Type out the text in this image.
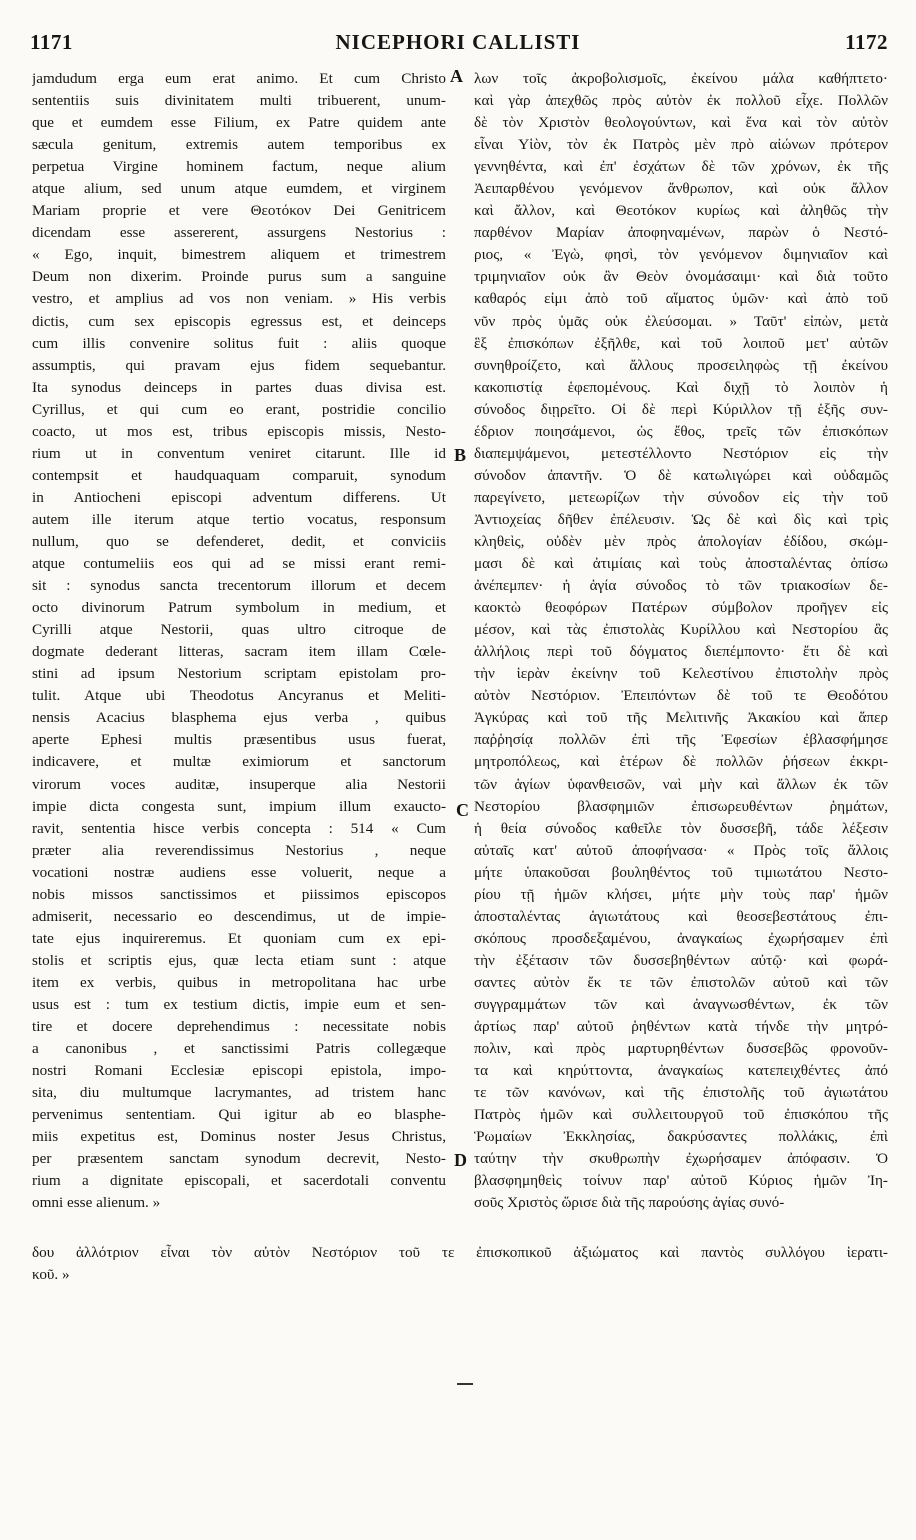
1171	NICEPHORI CALLISTI	1172
jamdudum erga eum erat animo. Et cum Christo
sententiis suis divinitatem multi tribuerent, unum-
que et eumdem esse Filium, ex Patre quidem ante
sæcula genitum, extremis autem temporibus ex
perpetua Virgine hominem factum, neque alium
atque alium, sed unum atque eumdem, et virginem
Mariam proprie et vere Θεοτόκον Dei Genitricem
dicendam esse assererent, assurgens Nestorius :
« Ego, inquit, bimestrem aliquem et trimestrem
Deum non dixerim. Proinde purus sum a sanguine
vestro, et amplius ad vos non veniam. » His verbis
dictis, cum sex episcopis egressus est, et deinceps
cum illis convenire solitus fuit : aliis quoque
assumptis, qui pravam ejus fidem sequebantur.
Ita synodus deinceps in partes duas divisa est.
Cyrillus, et qui cum eo erant, postridie concilio
coacto, ut mos est, tribus episcopis missis, Nesto-
rium ut in conventum veniret citarunt. Ille id
contempsit et haudquaquam comparuit, synodum
in Antiocheni episcopi adventum differens. Ut
autem ille iterum atque tertio vocatus, responsum
nullum, quo se defenderet, dedit, et conviciis
atque contumeliis eos qui ad se missi erant remi-
sit : synodus sancta trecentorum illorum et decem
octo divinorum Patrum symbolum in medium, et
Cyrilli atque Nestorii, quas ultro citroque de
dogmate dederant litteras, sacram item illam Cœle-
stini ad ipsum Nestorium scriptam epistolam pro-
tulit. Atque ubi Theodotus Ancyranus et Meliti-
nensis Acacius blasphema ejus verba , quibus
aperte Ephesi multis præsentibus usus fuerat,
indicavere, et multæ eximiorum et sanctorum
virorum voces auditæ, insuperque alia Nestorii
impie dicta congesta sunt, impium illum exaucto-
ravit, sententia hisce verbis concepta : 514 « Cum
præter alia reverendissimus Nestorius , neque
vocationi nostræ audiens esse voluerit, neque a
nobis missos sanctissimos et piissimos episcopos
admiserit, necessario eo descendimus, ut de impie-
tate ejus inquireremus. Et quoniam cum ex epi-
stolis et scriptis ejus, quæ lecta etiam sunt : atque
item ex verbis, quibus in metropolitana hac urbe
usus est : tum ex testium dictis, impie eum et sen-
tire et docere deprehendimus : necessitate nobis
a canonibus , et sanctissimi Patris collegæque
nostri Romani Ecclesiæ episcopi epistola, impo-
sita, diu multumque lacrymantes, ad tristem hanc
pervenimus sententiam. Qui igitur ab eo blasphe-
miis expetitus est, Dominus noster Jesus Christus,
per præsentem sanctam synodum decrevit, Nesto-
rium a dignitate episcopali, et sacerdotali conventu
omni esse alienum. »
λων τοῖς ἀκροβολισμοῖς, ἐκείνου μάλα καθήπτετο·
καὶ γὰρ ἀπεχθῶς πρὸς αὐτὸν ἐκ πολλοῦ εἶχε. Πολλῶν
δὲ τὸν Χριστὸν θεολογούντων, καὶ ἕνα καὶ τὸν αὐτὸν
εἶναι Υἱὸν, τὸν ἐκ Πατρὸς μὲν πρὸ αἰώνων πρότερον
γεννηθέντα, καὶ ἐπ' ἐσχάτων δὲ τῶν χρόνων, ἐκ τῆς
Ἀειπαρθένου γενόμενον ἄνθρωπον, καὶ οὐκ ἄλλον
καὶ ἄλλον, καὶ Θεοτόκον κυρίως καὶ ἀληθῶς τὴν
παρθένον Μαρίαν ἀποφηναμένων, παρὼν ὁ Νεστό-
ριος, « Ἐγὼ, φησὶ, τὸν γενόμενον διμηνιαῖον καὶ
τριμηνιαῖον οὐκ ἂν Θεὸν ὀνομάσαιμι· καὶ διὰ τοῦτο
καθαρός εἰμι ἀπὸ τοῦ αἵματος ὑμῶν· καὶ ἀπὸ τοῦ
νῦν πρὸς ὑμᾶς οὐκ ἐλεύσομαι. » Ταῦτ' εἰπὼν, μετὰ
ἓξ ἐπισκόπων ἐξῆλθε, καὶ τοῦ λοιποῦ μετ' αὐτῶν
συνηθροίζετο, καὶ ἄλλους προσειληφὼς τῇ ἐκείνου
κακοπιστίᾳ ἑφεπομένους. Καὶ διχῇ τὸ λοιπὸν ἡ
σύνοδος διῃρεῖτο. Οἱ δὲ περὶ Κύριλλον τῇ ἑξῆς συν-
έδριον ποιησάμενοι, ὡς ἔθος, τρεῖς τῶν ἐπισκόπων
διαπεμψάμενοι, μετεστέλλοντο Νεστόριον εἰς τὴν
σύνοδον ἀπαντῆν. Ὁ δὲ κατωλιγώρει καὶ οὐδαμῶς
παρεγίνετο, μετεωρίζων τὴν σύνοδον εἰς τὴν τοῦ
Ἀντιοχείας δῆθεν ἐπέλευσιν. Ὡς δὲ καὶ δὶς καὶ τρὶς
κληθεὶς, οὐδὲν μὲν πρὸς ἀπολογίαν ἐδίδου, σκώμ-
μασι δὲ καὶ ἀτιμίαις καὶ τοὺς ἀποσταλέντας ὀπίσω
ἀνέπεμπεν· ἡ ἁγία σύνοδος τὸ τῶν τριακοσίων δε-
καοκτὼ θεοφόρων Πατέρων σύμβολον προῆγεν εἰς
μέσον, καὶ τὰς ἐπιστολὰς Κυρίλλου καὶ Νεστορίου ἃς
ἀλλήλοις περὶ τοῦ δόγματος διεπέμποντο· ἔτι δὲ καὶ
τὴν ἱερὰν ἐκείνην τοῦ Κελεστίνου ἐπιστολὴν πρὸς
αὐτὸν Νεστόριον. Ἐπειπόντων δὲ τοῦ τε Θεοδότου
Ἀγκύρας καὶ τοῦ τῆς Μελιτινῆς Ἀκακίου καὶ ἅπερ
παῤῥησίᾳ πολλῶν ἐπὶ τῆς Ἐφεσίων ἐβλασφήμησε
μητροπόλεως, καὶ ἑτέρων δὲ πολλῶν ῥήσεων ἐκκρι-
τῶν ἁγίων ὑφανθεισῶν, ναὶ μὴν καὶ ἄλλων ἐκ τῶν
Νεστορίου βλασφημιῶν ἐπισωρευθέντων ῥημάτων,
ἡ θεία σύνοδος καθεῖλε τὸν δυσσεβῆ, τάδε λέξεσιν
αὐταῖς κατ' αὐτοῦ ἀποφήνασα· « Πρὸς τοῖς ἄλλοις
μήτε ὑπακοῦσαι βουληθέντος τοῦ τιμιωτάτου Νεστο-
ρίου τῇ ἡμῶν κλήσει, μήτε μὴν τοὺς παρ' ἡμῶν
ἀποσταλέντας ἁγιωτάτους καὶ θεοσεβεστάτους ἐπι-
σκόπους προσδεξαμένου, ἀναγκαίως ἐχωρήσαμεν ἐπὶ
τὴν ἐξέτασιν τῶν δυσσεβηθέντων αὐτῷ· καὶ φωρά-
σαντες αὐτὸν ἔκ τε τῶν ἐπιστολῶν αὐτοῦ καὶ τῶν
συγγραμμάτων τῶν καὶ ἀναγνωσθέντων, ἐκ τῶν
ἀρτίως παρ' αὐτοῦ ῥηθέντων κατὰ τήνδε τὴν μητρό-
πολιν, καὶ πρὸς μαρτυρηθέντων δυσσεβῶς φρονοῦν-
τα καὶ κηρύττοντα, ἀναγκαίως κατεπειχθέντες ἀπό
τε τῶν κανόνων, καὶ τῆς ἐπιστολῆς τοῦ ἁγιωτάτου
Πατρὸς ἡμῶν καὶ συλλειτουργοῦ τοῦ ἐπισκόπου τῆς
Ῥωμαίων Ἐκκλησίας, δακρύσαντες πολλάκις, ἐπὶ
ταύτην τὴν σκυθρωπὴν ἐχωρήσαμεν ἀπόφασιν. Ὁ
βλασφημηθεὶς τοίνυν παρ' αὐτοῦ Κύριος ἡμῶν Ἰη-
σοῦς Χριστὸς ὥρισε διὰ τῆς παρούσης ἁγίας συνό-
A
B
C
D
δου ἀλλότριον εἶναι τὸν αὐτὸν Νεστόριον τοῦ τε ἐπισκοπικοῦ ἀξιώματος καὶ παντὸς συλλόγου ἱερατι-
κοῦ. »
